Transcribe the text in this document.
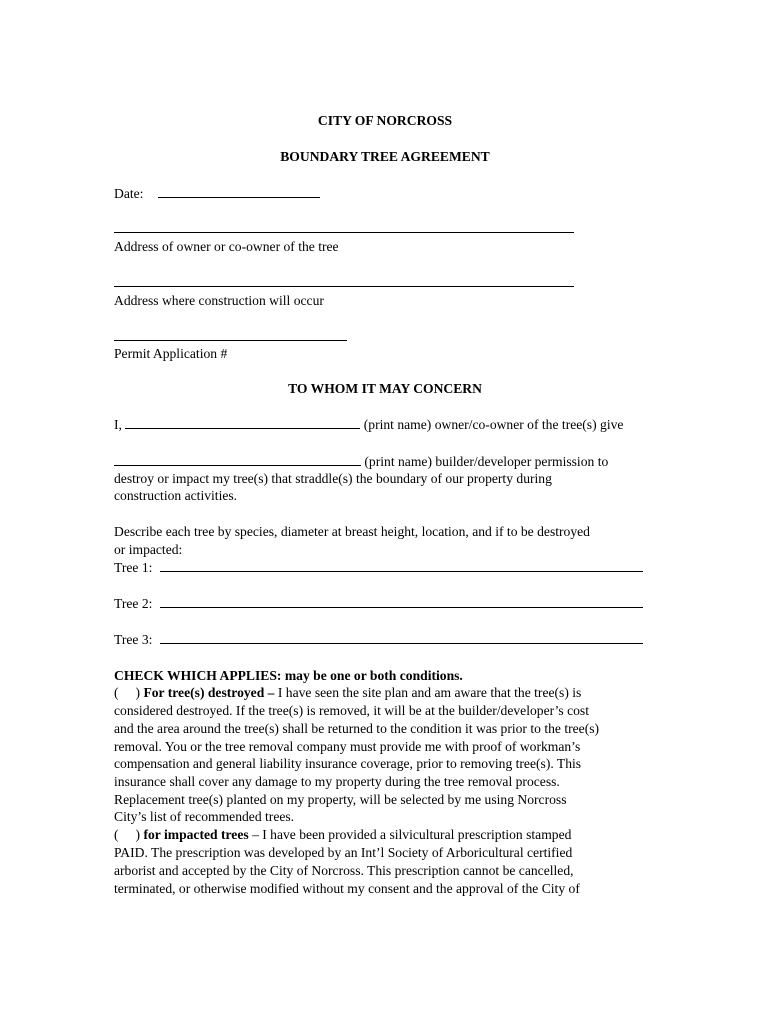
CITY OF NORCROSS
BOUNDARY TREE AGREEMENT
Date:
Address of owner or co-owner of the tree
Address where construction will occur
Permit Application #
TO WHOM IT MAY CONCERN
I,	(print name) owner/co-owner of the tree(s) give
(print name) builder/developer permission to
destroy or impact my tree(s) that straddle(s) the boundary of our property during
construction activities.
Describe each tree by species, diameter at breast height, location, and if to be destroyed
or impacted:
Tree 1:
Tree 2:
Tree 3:
CHECK WHICH APPLIES: may be one or both conditions.
(     ) For tree(s) destroyed – I have seen the site plan and am aware that the tree(s) is
considered destroyed. If the tree(s) is removed, it will be at the builder/developer’s cost
and the area around the tree(s) shall be returned to the condition it was prior to the tree(s)
removal. You or the tree removal company must provide me with proof of workman’s
compensation and general liability insurance coverage, prior to removing tree(s). This
insurance shall cover any damage to my property during the tree removal process.
Replacement tree(s) planted on my property, will be selected by me using Norcross
City’s list of recommended trees.
(     ) for impacted trees – I have been provided a silvicultural prescription stamped
PAID. The prescription was developed by an Int’l Society of Arboricultural certified
arborist and accepted by the City of Norcross. This prescription cannot be cancelled,
terminated, or otherwise modified without my consent and the approval of the City of
